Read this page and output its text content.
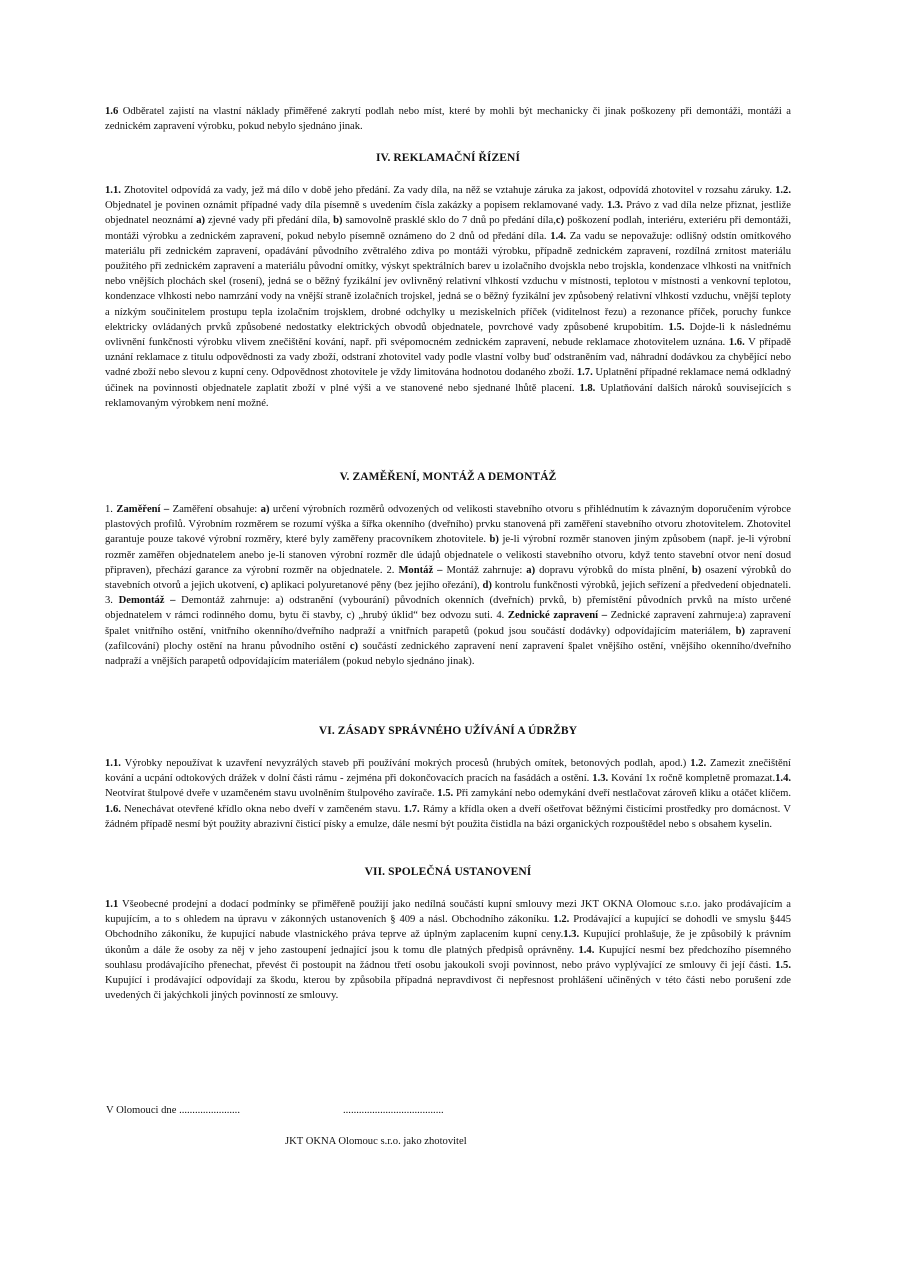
1.6 Odběratel zajistí na vlastní náklady přiměřené zakrytí podlah nebo míst, které by mohli být mechanicky či jinak poškozeny při demontáži, montáži a zednickém zapravení výrobku, pokud nebylo sjednáno jinak.
IV. REKLAMAČNÍ ŘÍZENÍ
1.1. Zhotovitel odpovídá za vady, jež má dílo v době jeho předání. Za vady díla, na něž se vztahuje záruka za jakost, odpovídá zhotovitel v rozsahu záruky. 1.2. Objednatel je povinen oznámit případné vady díla písemně s uvedením čísla zakázky a popisem reklamované vady. 1.3. Právo z vad díla nelze přiznat, jestliže objednatel neoznámí a) zjevné vady při předání díla, b) samovolně prasklé sklo do 7 dnů po předání díla,c) poškození podlah, interiéru, exteriéru při demontáži, montáži výrobku a zednickém zapravení, pokud nebylo písemně oznámeno do 2 dnů od předání díla. 1.4. Za vadu se nepovažuje: odlišný odstín omítkového materiálu při zednickém zapravení, opadávání původního zvětralého zdiva po montáži výrobku, případně zednickém zapravení, rozdílná zrnitost materiálu použitého při zednickém zapravení a materiálu původní omítky, výskyt spektrálních barev u izolačního dvojskla nebo trojskla, kondenzace vlhkosti na vnitřních nebo vnějších plochách skel (rosení), jedná se o běžný fyzikální jev ovlivněný relativní vlhkostí vzduchu v místnosti, teplotou v místnosti a venkovní teplotou, kondenzace vlhkosti nebo namrzání vody na vnější straně izolačních trojskel, jedná se o běžný fyzikální jev způsobený relativní vlhkostí vzduchu, vnější teploty a nízkým součinitelem prostupu tepla izolačním trojsklem, drobné odchylky u meziskelních příček (viditelnost řezu) a rezonance příček, poruchy funkce elektricky ovládaných prvků způsobené nedostatky elektrických obvodů objednatele, povrchové vady způsobené krupobitím. 1.5. Dojde-li k následnému ovlivnění funkčnosti výrobku vlivem znečištění kování, např. při svépomocném zednickém zapravení, nebude reklamace zhotovitelem uznána. 1.6. V případě uznání reklamace z titulu odpovědnosti za vady zboží, odstraní zhotovitel vady podle vlastní volby buď odstraněním vad, náhradní dodávkou za chybějící nebo vadné zboží nebo slevou z kupní ceny. Odpovědnost zhotovitele je vždy limitována hodnotou dodaného zboží. 1.7. Uplatnění případné reklamace nemá odkladný účinek na povinnosti objednatele zaplatit zboží v plné výši a ve stanovené nebo sjednané lhůtě placení. 1.8. Uplatňování dalších nároků souvisejících s reklamovaným výrobkem není možné.
V. ZAMĚŘENÍ, MONTÁŽ A DEMONTÁŽ
1. Zaměření – Zaměření obsahuje: a) určení výrobních rozměrů odvozených od velikosti stavebního otvoru s přihlédnutím k závazným doporučením výrobce plastových profilů. Výrobním rozměrem se rozumí výška a šířka okenního (dveřního) prvku stanovená při zaměření stavebního otvoru zhotovitelem. Zhotovitel garantuje pouze takové výrobní rozměry, které byly zaměřeny pracovníkem zhotovitele. b) je-li výrobní rozměr stanoven jiným způsobem (např. je-li výrobní rozměr zaměřen objednatelem anebo je-li stanoven výrobní rozměr dle údajů objednatele o velikosti stavebního otvoru, když tento stavební otvor není dosud připraven), přechází garance za výrobní rozměr na objednatele. 2. Montáž – Montáž zahrnuje: a) dopravu výrobků do místa plnění, b) osazení výrobků do stavebních otvorů a jejich ukotvení, c) aplikaci polyuretanové pěny (bez jejího ořezání), d) kontrolu funkčnosti výrobků, jejich seřízení a předvedení objednateli. 3. Demontáž – Demontáž zahrnuje: a) odstranění (vybourání) původních okenních (dveřních) prvků, b) přemístění původních prvků na místo určené objednatelem v rámci rodinného domu, bytu či stavby, c) „hrubý úklid“ bez odvozu suti. 4. Zednické zapravení – Zednické zapravení zahrnuje:a) zapravení špalet vnitřního ostění, vnitřního okenního/dveřního nadpraží a vnitřních parapetů (pokud jsou součástí dodávky) odpovídajícím materiálem, b) zapravení (zafilcování) plochy ostění na hranu původního ostění c) součástí zednického zapravení není zapravení špalet vnějšího ostění, vnějšího okenního/dveřního nadpraží a vnějších parapetů odpovídajícím materiálem (pokud nebylo sjednáno jinak).
VI. ZÁSADY SPRÁVNÉHO UŽÍVÁNÍ A ÚDRŽBY
1.1. Výrobky nepoužívat k uzavření nevyzrálých staveb při používání mokrých procesů (hrubých omítek, betonových podlah, apod.) 1.2. Zamezit znečištění kování a ucpání odtokových drážek v dolní části rámu - zejména při dokončovacích pracích na fasádách a ostění. 1.3. Kování 1x ročně kompletně promazat.1.4. Neotvírat štulpové dveře v uzamčeném stavu uvolněním štulpového zavírače. 1.5. Při zamykání nebo odemykání dveří nestlačovat zároveň kliku a otáčet klíčem. 1.6. Nenechávat otevřené křídlo okna nebo dveří v zamčeném stavu. 1.7. Rámy a křídla oken a dveří ošetřovat běžnými čisticími prostředky pro domácnost. V žádném případě nesmí být použity abrazivní čisticí písky a emulze, dále nesmí být použita čistidla na bázi organických rozpouštědel nebo s obsahem kyselin.
VII. SPOLEČNÁ USTANOVENÍ
1.1 Všeobecné prodejní a dodací podmínky se přiměřeně použijí jako nedílná součástí kupní smlouvy mezi JKT OKNA Olomouc s.r.o. jako prodávajícím a kupujícím, a to s ohledem na úpravu v zákonných ustanoveních § 409 a násl. Obchodního zákoníku. 1.2. Prodávající a kupující se dohodli ve smyslu §445 Obchodního zákoníku, že kupující nabude vlastnického práva teprve až úplným zaplacením kupní ceny.1.3. Kupující prohlašuje, že je způsobilý k právním úkonům a dále že osoby za něj v jeho zastoupení jednající jsou k tomu dle platných předpisů oprávněny. 1.4. Kupující nesmí bez předchozího písemného souhlasu prodávajícího přenechat, převést či postoupit na žádnou třetí osobu jakoukoli svoji povinnost, nebo právo vyplývající ze smlouvy či její části. 1.5. Kupující i prodávající odpovídají za škodu, kterou by způsobila případná nepravdivost či nepřesnost prohlášení učiněných v této části nebo porušení zde uvedených či jakýchkoli jiných povinností ze smlouvy.
V Olomouci dne .......................	......................................
JKT OKNA Olomouc s.r.o. jako zhotovitel
